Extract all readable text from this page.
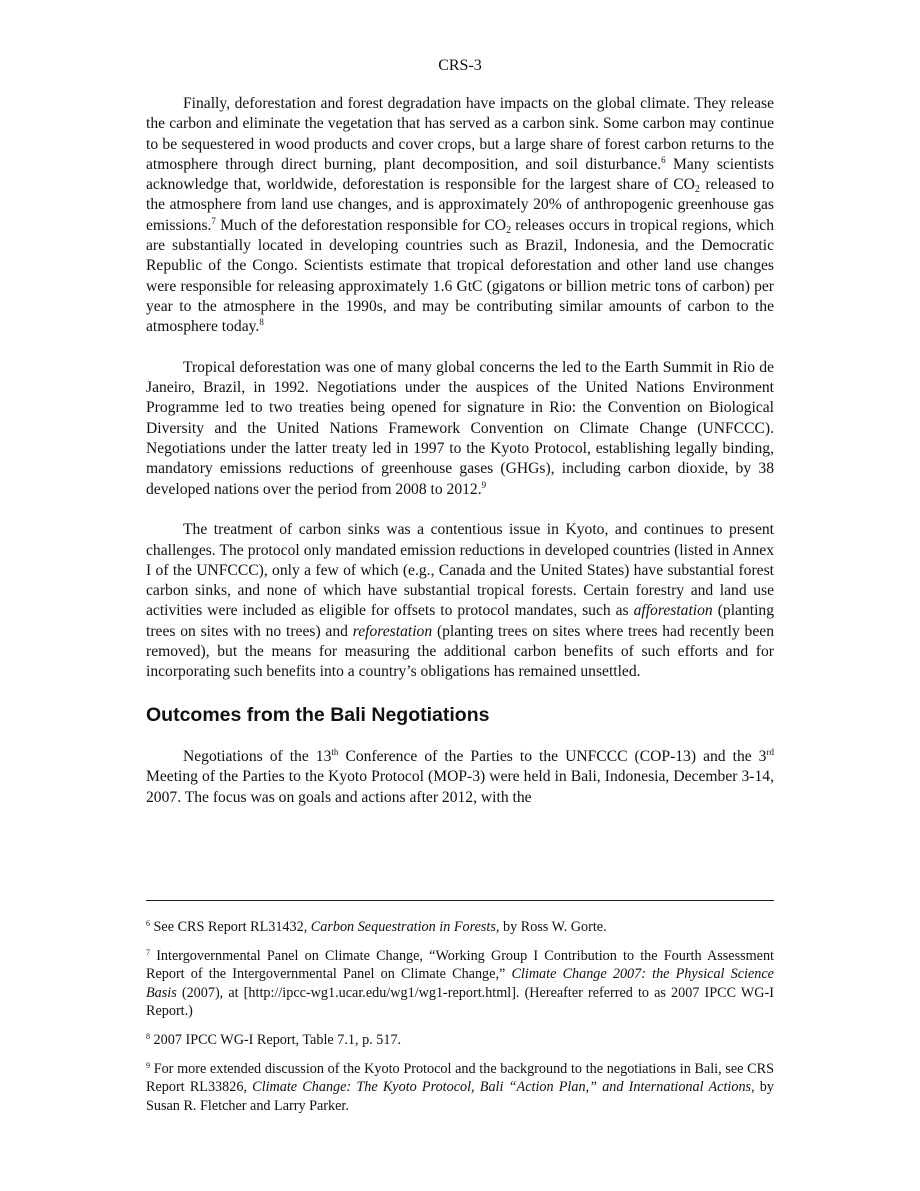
CRS-3

Finally, deforestation and forest degradation have impacts on the global climate. They release the carbon and eliminate the vegetation that has served as a carbon sink. Some carbon may continue to be sequestered in wood products and cover crops, but a large share of forest carbon returns to the atmosphere through direct burning, plant decomposition, and soil disturbance.$^6$ Many scientists acknowledge that, worldwide, deforestation is responsible for the largest share of $CO_2$ released to the atmosphere from land use changes, and is approximately 20% of anthropogenic greenhouse gas emissions.$^7$ Much of the deforestation responsible for $CO_2$ releases occurs in tropical regions, which are substantially located in developing countries such as Brazil, Indonesia, and the Democratic Republic of the Congo. Scientists estimate that tropical deforestation and other land use changes were responsible for releasing approximately 1.6 GtC (gigatons or billion metric tons of carbon) per year to the atmosphere in the 1990s, and may be contributing similar amounts of carbon to the atmosphere today.$^8$

Tropical deforestation was one of many global concerns the led to the Earth Summit in Rio de Janeiro, Brazil, in 1992. Negotiations under the auspices of the United Nations Environment Programme led to two treaties being opened for signature in Rio: the Convention on Biological Diversity and the United Nations Framework Convention on Climate Change (UNFCCC). Negotiations under the latter treaty led in 1997 to the Kyoto Protocol, establishing legally binding, mandatory emissions reductions of greenhouse gases (GHGs), including carbon dioxide, by 38 developed nations over the period from 2008 to 2012.$^9$

The treatment of carbon sinks was a contentious issue in Kyoto, and continues to present challenges. The protocol only mandated emission reductions in developed countries (listed in Annex I of the UNFCCC), only a few of which (e.g., Canada and the United States) have substantial forest carbon sinks, and none of which have substantial tropical forests. Certain forestry and land use activities were included as eligible for offsets to protocol mandates, such as afforestation (planting trees on sites with no trees) and reforestation (planting trees on sites where trees had recently been removed), but the means for measuring the additional carbon benefits of such efforts and for incorporating such benefits into a country’s obligations has remained unsettled.

Outcomes from the Bali Negotiations

Negotiations of the 13th Conference of the Parties to the UNFCCC (COP-13) and the 3rd Meeting of the Parties to the Kyoto Protocol (MOP-3) were held in Bali, Indonesia, December 3-14, 2007. The focus was on goals and actions after 2012, with the

$^6$ See CRS Report RL31432, Carbon Sequestration in Forests, by Ross W. Gorte.

$^7$ Intergovernmental Panel on Climate Change, “Working Group I Contribution to the Fourth Assessment Report of the Intergovernmental Panel on Climate Change,” Climate Change 2007: the Physical Science Basis (2007), at [http://ipcc-wg1.ucar.edu/wg1/wg1-report.html]. (Hereafter referred to as 2007 IPCC WG-I Report.)

$^8$ 2007 IPCC WG-I Report, Table 7.1, p. 517.

$^9$ For more extended discussion of the Kyoto Protocol and the background to the negotiations in Bali, see CRS Report RL33826, Climate Change: The Kyoto Protocol, Bali “Action Plan,” and International Actions, by Susan R. Fletcher and Larry Parker.
